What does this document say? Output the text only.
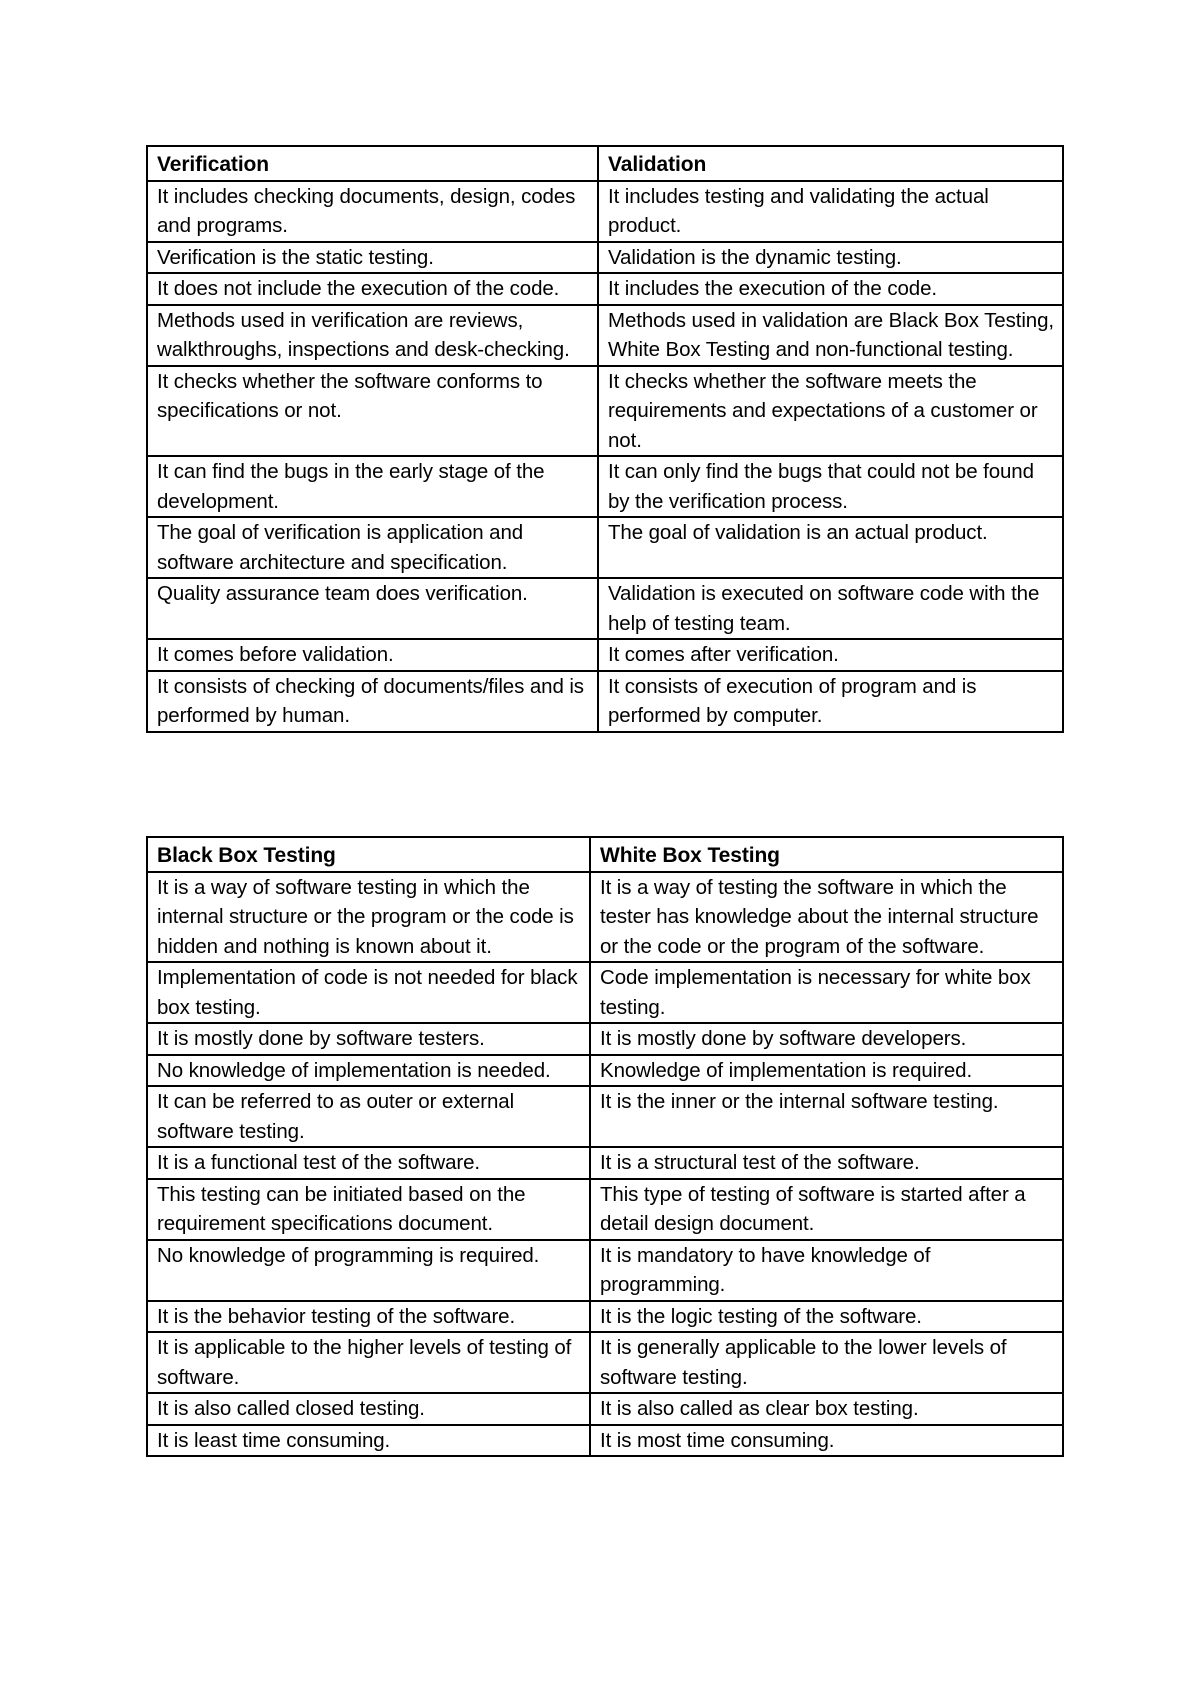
Verification	Validation
It includes checking documents, design, codes and programs.	It includes testing and validating the actual product.
Verification is the static testing.	Validation is the dynamic testing.
It does not include the execution of the code.	It includes the execution of the code.
Methods used in verification are reviews, walkthroughs, inspections and desk-checking.	Methods used in validation are Black Box Testing, White Box Testing and non-functional testing.
It checks whether the software conforms to specifications or not.	It checks whether the software meets the requirements and expectations of a customer or not.
It can find the bugs in the early stage of the development.	It can only find the bugs that could not be found by the verification process.
The goal of verification is application and software architecture and specification.	The goal of validation is an actual product.
Quality assurance team does verification.	Validation is executed on software code with the help of testing team.
It comes before validation.	It comes after verification.
It consists of checking of documents/files and is performed by human.	It consists of execution of program and is performed by computer.
Black Box Testing	White Box Testing
It is a way of software testing in which the internal structure or the program or the code is hidden and nothing is known about it.	It is a way of testing the software in which the tester has knowledge about the internal structure or the code or the program of the software.
Implementation of code is not needed for black box testing.	Code implementation is necessary for white box testing.
It is mostly done by software testers.	It is mostly done by software developers.
No knowledge of implementation is needed.	Knowledge of implementation is required.
It can be referred to as outer or external software testing.	It is the inner or the internal software testing.
It is a functional test of the software.	It is a structural test of the software.
This testing can be initiated based on the requirement specifications document.	This type of testing of software is started after a detail design document.
No knowledge of programming is required.	It is mandatory to have knowledge of programming.
It is the behavior testing of the software.	It is the logic testing of the software.
It is applicable to the higher levels of testing of software.	It is generally applicable to the lower levels of software testing.
It is also called closed testing.	It is also called as clear box testing.
It is least time consuming.	It is most time consuming.
